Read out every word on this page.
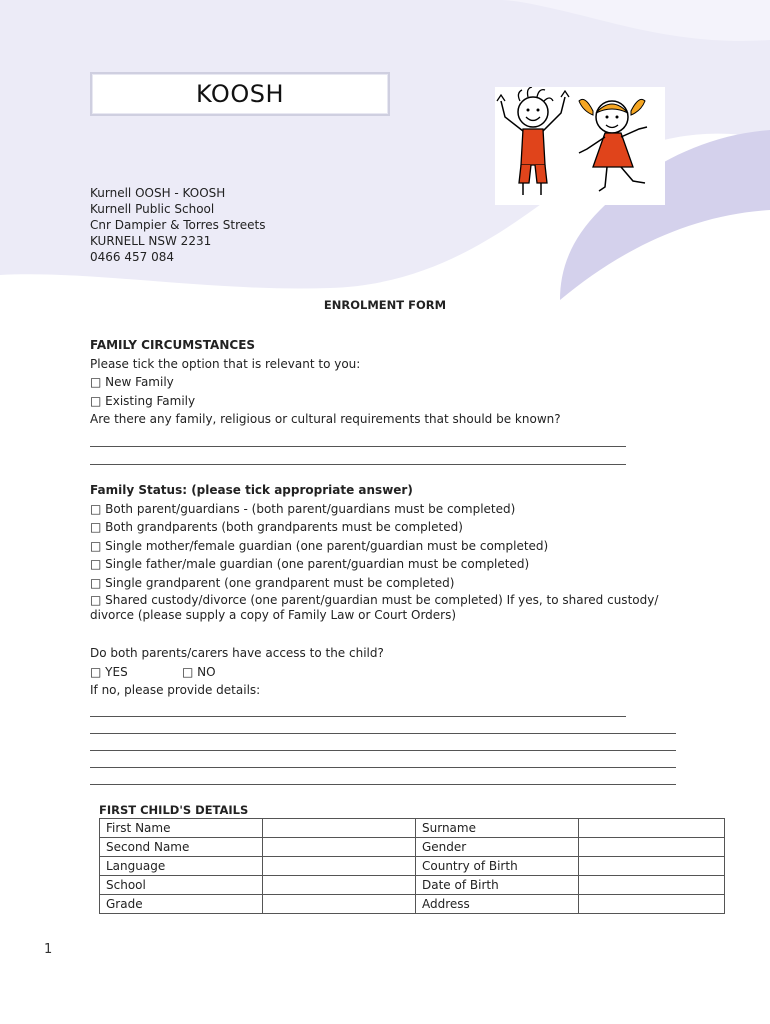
KOOSH
Kurnell OOSH - KOOSH
Kurnell Public School
Cnr Dampier & Torres Streets
KURNELL NSW 2231
0466 457 084
ENROLMENT FORM
FAMILY CIRCUMSTANCES
Please tick the option that is relevant to you:
□ New Family
□ Existing Family
Are there any family, religious or cultural requirements that should be known?
Family Status: (please tick appropriate answer)
□ Both parent/guardians - (both parent/guardians must be completed)
□ Both grandparents (both grandparents must be completed)
□ Single mother/female guardian (one parent/guardian must be completed)
□ Single father/male guardian (one parent/guardian must be completed)
□ Single grandparent (one grandparent must be completed)
□ Shared custody/divorce (one parent/guardian must be completed) If yes, to shared custody/
divorce (please supply a copy of Family Law or Court Orders)
Do both parents/carers have access to the child?
□ YES	□ NO
If no, please provide details:
FIRST CHILD'S DETAILS
First Name		Surname	
Second Name		Gender	
Language		Country of Birth	
School		Date of Birth	
Grade		Address	
1
